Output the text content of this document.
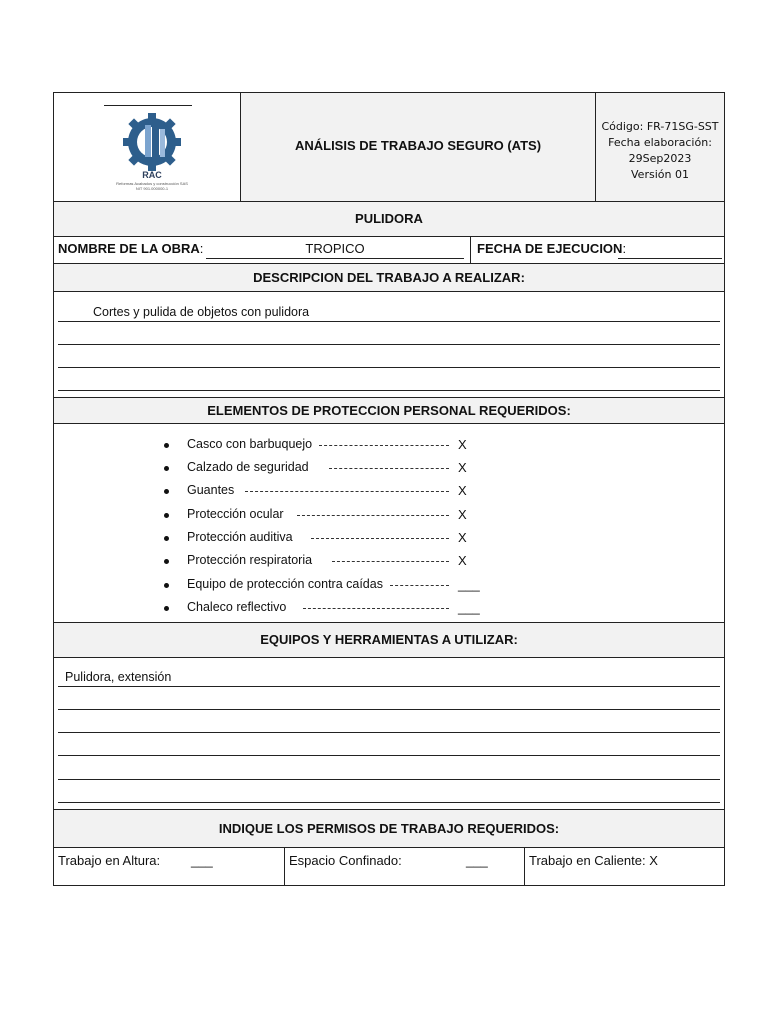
RAC
Reformas Acabados y construcción SAS
NIT 901.000000-1
ANÁLISIS DE TRABAJO SEGURO (ATS)
Código: FR-71SG-SST
Fecha elaboración:
29Sep2023
Versión 01
PULIDORA
NOMBRE DE LA OBRA:	TROPICO	FECHA DE EJECUCION:
DESCRIPCION DEL TRABAJO A REALIZAR:
Cortes y pulida de objetos con pulidora
ELEMENTOS DE PROTECCION PERSONAL REQUERIDOS:
Casco con barbuquejo	X
Calzado de seguridad	X
Guantes	X
Protección ocular	X
Protección auditiva	X
Protección respiratoria	X
Equipo de protección contra caídas	___
Chaleco reflectivo	___
EQUIPOS Y HERRAMIENTAS A UTILIZAR:
Pulidora, extensión
INDIQUE LOS PERMISOS DE TRABAJO REQUERIDOS:
Trabajo en Altura: ___	Espacio Confinado:	___	Trabajo en Caliente: X
